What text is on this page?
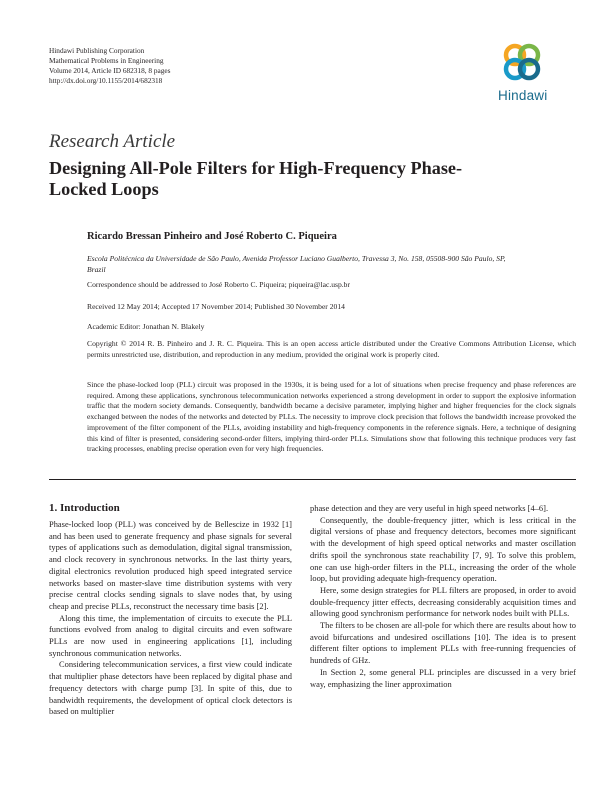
Hindawi Publishing Corporation
Mathematical Problems in Engineering
Volume 2014, Article ID 682318, 8 pages
http://dx.doi.org/10.1155/2014/682318
Hindawi
Research Article
Designing All-Pole Filters for High-Frequency Phase-Locked Loops
Ricardo Bressan Pinheiro and José Roberto C. Piqueira
Escola Politécnica da Universidade de São Paulo, Avenida Professor Luciano Gualberto, Travessa 3, No. 158, 05508-900 São Paulo, SP, Brazil
Correspondence should be addressed to José Roberto C. Piqueira; piqueira@lac.usp.br
Received 12 May 2014; Accepted 17 November 2014; Published 30 November 2014
Academic Editor: Jonathan N. Blakely
Copyright © 2014 R. B. Pinheiro and J. R. C. Piqueira. This is an open access article distributed under the Creative Commons Attribution License, which permits unrestricted use, distribution, and reproduction in any medium, provided the original work is properly cited.
Since the phase-locked loop (PLL) circuit was proposed in the 1930s, it is being used for a lot of situations when precise frequency and phase references are required. Among these applications, synchronous telecommunication networks experienced a strong development in order to support the explosive information traffic that the modern society demands. Consequently, bandwidth became a decisive parameter, implying higher and higher frequencies for the clock signals exchanged between the nodes of the networks and detected by PLLs. The necessity to improve clock precision that follows the bandwidth increase provoked the improvement of the filter component of the PLLs, avoiding instability and high-frequency components in the reference signals. Here, a technique of designing this kind of filter is presented, considering second-order filters, implying third-order PLLs. Simulations show that following this technique produces very fast tracking processes, enabling precise operation even for very high frequencies.
1. Introduction

Phase-locked loop (PLL) was conceived by de Bellescize in 1932 [1] and has been used to generate frequency and phase signals for several types of applications such as demodulation, digital signal transmission, and clock recovery in synchronous networks. In the last thirty years, digital electronics revolution produced high speed integrated service networks based on master-slave time distribution systems with very precise central clocks sending signals to slave nodes that, by using cheap and precise PLLs, reconstruct the necessary time basis [2].

Along this time, the implementation of circuits to execute the PLL functions evolved from analog to digital circuits and even software PLLs are now used in engineering applications [1], including synchronous communication networks.

Considering telecommunication services, a first view could indicate that multiplier phase detectors have been replaced by digital phase and frequency detectors with charge pump [3]. In spite of this, due to bandwidth requirements, the development of optical clock detectors is based on multiplier

phase detection and they are very useful in high speed networks [4–6].

Consequently, the double-frequency jitter, which is less critical in the digital versions of phase and frequency detectors, becomes more significant with the development of high speed optical networks and master oscillation drifts spoil the synchronous state reachability [7, 9]. To solve this problem, one can use high-order filters in the PLL, increasing the order of the whole loop, but providing adequate high-frequency operation.

Here, some design strategies for PLL filters are proposed, in order to avoid double-frequency jitter effects, decreasing considerably acquisition times and allowing good synchronism performance for network nodes built with PLLs.

The filters to be chosen are all-pole for which there are results about how to avoid bifurcations and undesired oscillations [10]. The idea is to present different filter options to implement PLLs with free-running frequencies of hundreds of GHz.

In Section 2, some general PLL principles are discussed in a very brief way, emphasizing the liner approximation
